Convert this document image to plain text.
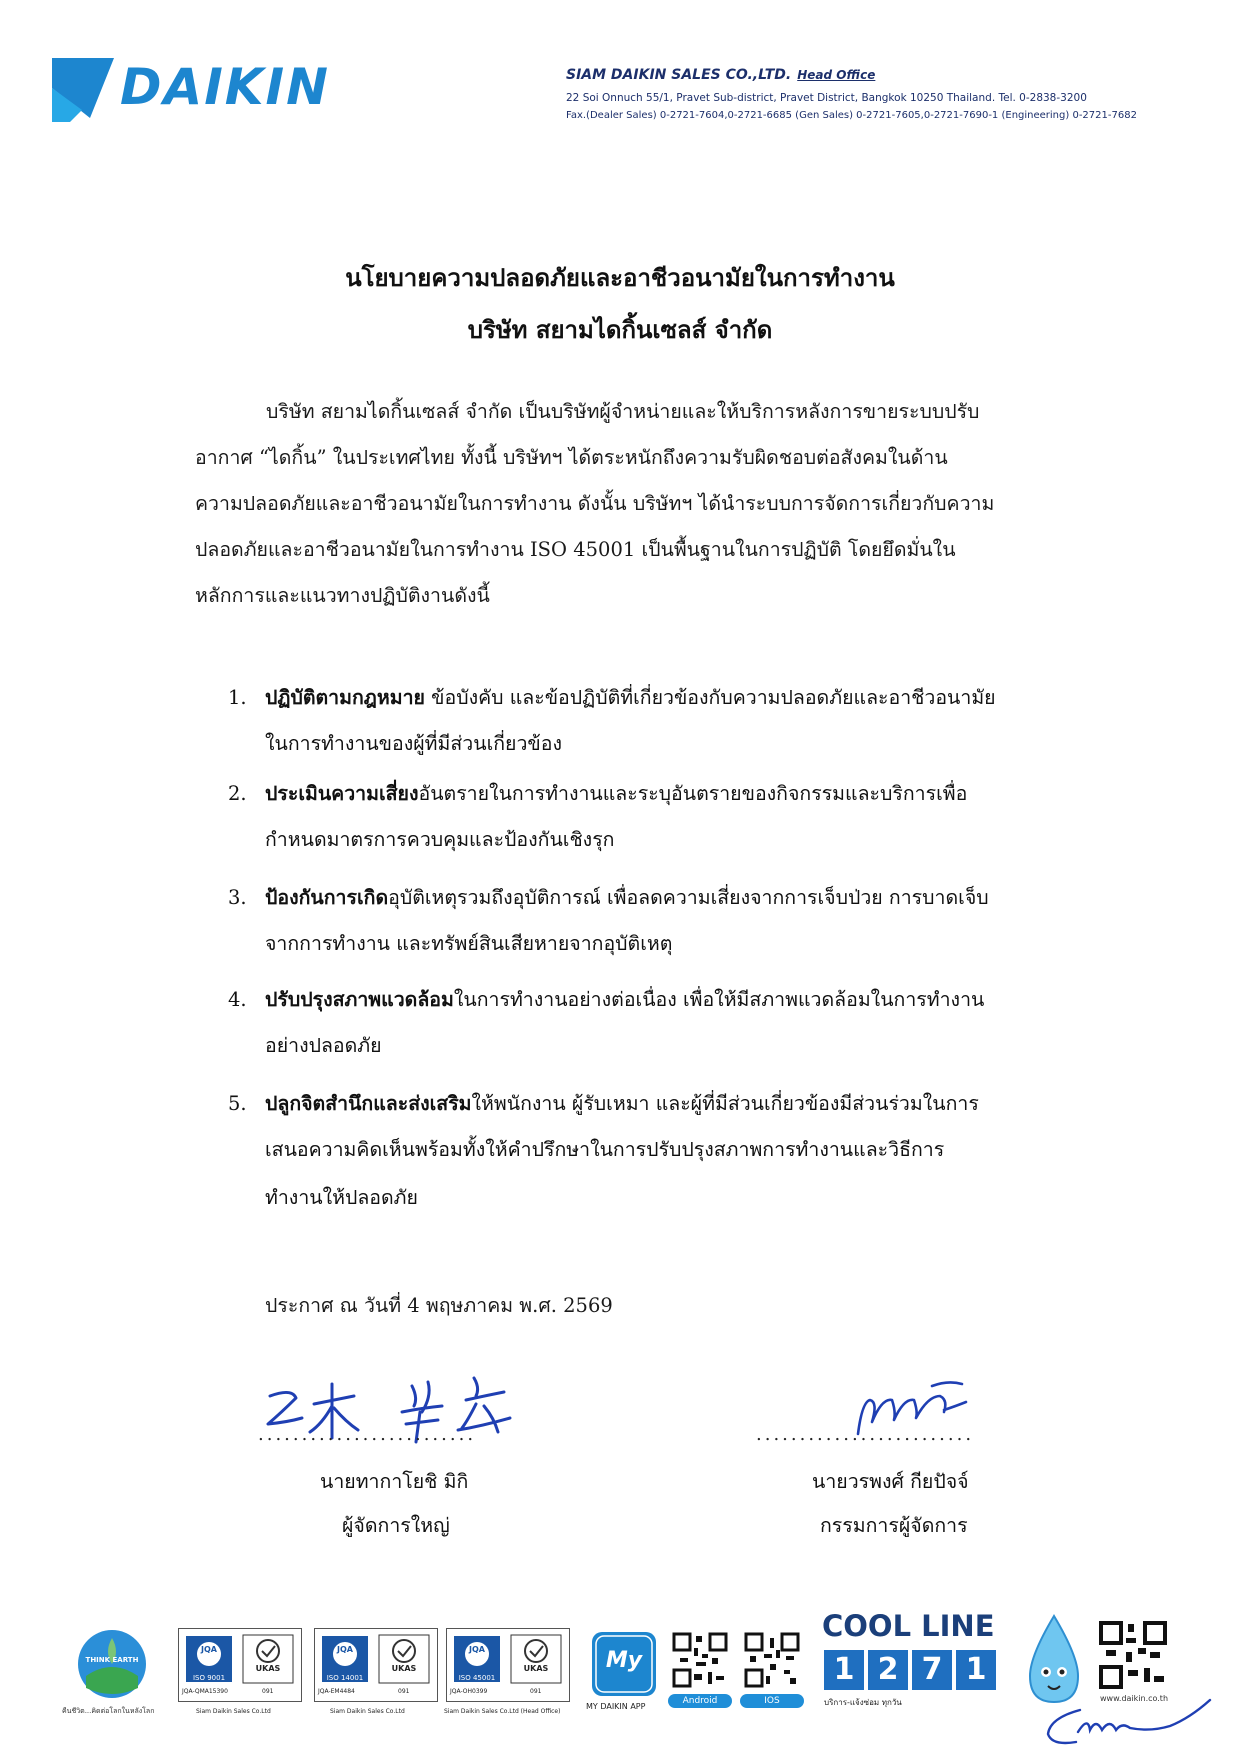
DAIKIN	SIAM DAIKIN SALES CO.,LTD. Head Office
22 Soi Onnuch 55/1, Pravet Sub-district, Pravet District, Bangkok 10250 Thailand. Tel. 0-2838-3200
Fax.(Dealer Sales) 0-2721-7604,0-2721-6685 (Gen Sales) 0-2721-7605,0-2721-7690-1 (Engineering) 0-2721-7682
นโยบายความปลอดภัยและอาชีวอนามัยในการทำงาน
บริษัท สยามไดกิ้นเซลส์ จำกัด
บริษัท สยามไดกิ้นเซลส์ จำกัด เป็นบริษัทผู้จำหน่ายและให้บริการหลังการขายระบบปรับ
อากาศ “ไดกิ้น” ในประเทศไทย ทั้งนี้ บริษัทฯ ได้ตระหนักถึงความรับผิดชอบต่อสังคมในด้าน
ความปลอดภัยและอาชีวอนามัยในการทำงาน ดังนั้น บริษัทฯ ได้นำระบบการจัดการเกี่ยวกับความ
ปลอดภัยและอาชีวอนามัยในการทำงาน ISO 45001 เป็นพื้นฐานในการปฏิบัติ โดยยึดมั่นใน
หลักการและแนวทางปฏิบัติงานดังนี้
1. ปฏิบัติตามกฎหมาย ข้อบังคับ และข้อปฏิบัติที่เกี่ยวข้องกับความปลอดภัยและอาชีวอนามัย
ในการทำงานของผู้ที่มีส่วนเกี่ยวข้อง
2. ประเมินความเสี่ยงอันตรายในการทำงานและระบุอันตรายของกิจกรรมและบริการเพื่อ
กำหนดมาตรการควบคุมและป้องกันเชิงรุก
3. ป้องกันการเกิดอุบัติเหตุรวมถึงอุบัติการณ์ เพื่อลดความเสี่ยงจากการเจ็บป่วย การบาดเจ็บ
จากการทำงาน และทรัพย์สินเสียหายจากอุบัติเหตุ
4. ปรับปรุงสภาพแวดล้อมในการทำงานอย่างต่อเนื่อง เพื่อให้มีสภาพแวดล้อมในการทำงาน
อย่างปลอดภัย
5. ปลูกจิตสำนึกและส่งเสริมให้พนักงาน ผู้รับเหมา และผู้ที่มีส่วนเกี่ยวข้องมีส่วนร่วมในการ
เสนอความคิดเห็นพร้อมทั้งให้คำปรึกษาในการปรับปรุงสภาพการทำงานและวิธีการ
ทำงานให้ปลอดภัย
ประกาศ ณ วันที่ 4 พฤษภาคม พ.ศ. 2569
.........................
นายทากาโยชิ มิกิ
ผู้จัดการใหญ่
.........................
นายวรพงศ์ กียปัจจ์
กรรมการผู้จัดการ
THINK EARTH
คืนชีวิต...คิดต่อโลกในหลังโลก
JQA
ISO 9001
UKAS
JQA-QMA15390	091
Siam Daikin Sales Co.Ltd
JQA
ISO 14001
UKAS
JQA-EM4484	091
Siam Daikin Sales Co.Ltd
JQA
ISO 45001
UKAS
JQA-OH0399	091
Siam Daikin Sales Co.Ltd (Head Office)
My
MY DAIKIN APP
Android	IOS
COOL LINE
1 2 7 1
บริการ-แจ้งซ่อม ทุกวัน	www.daikin.co.th
